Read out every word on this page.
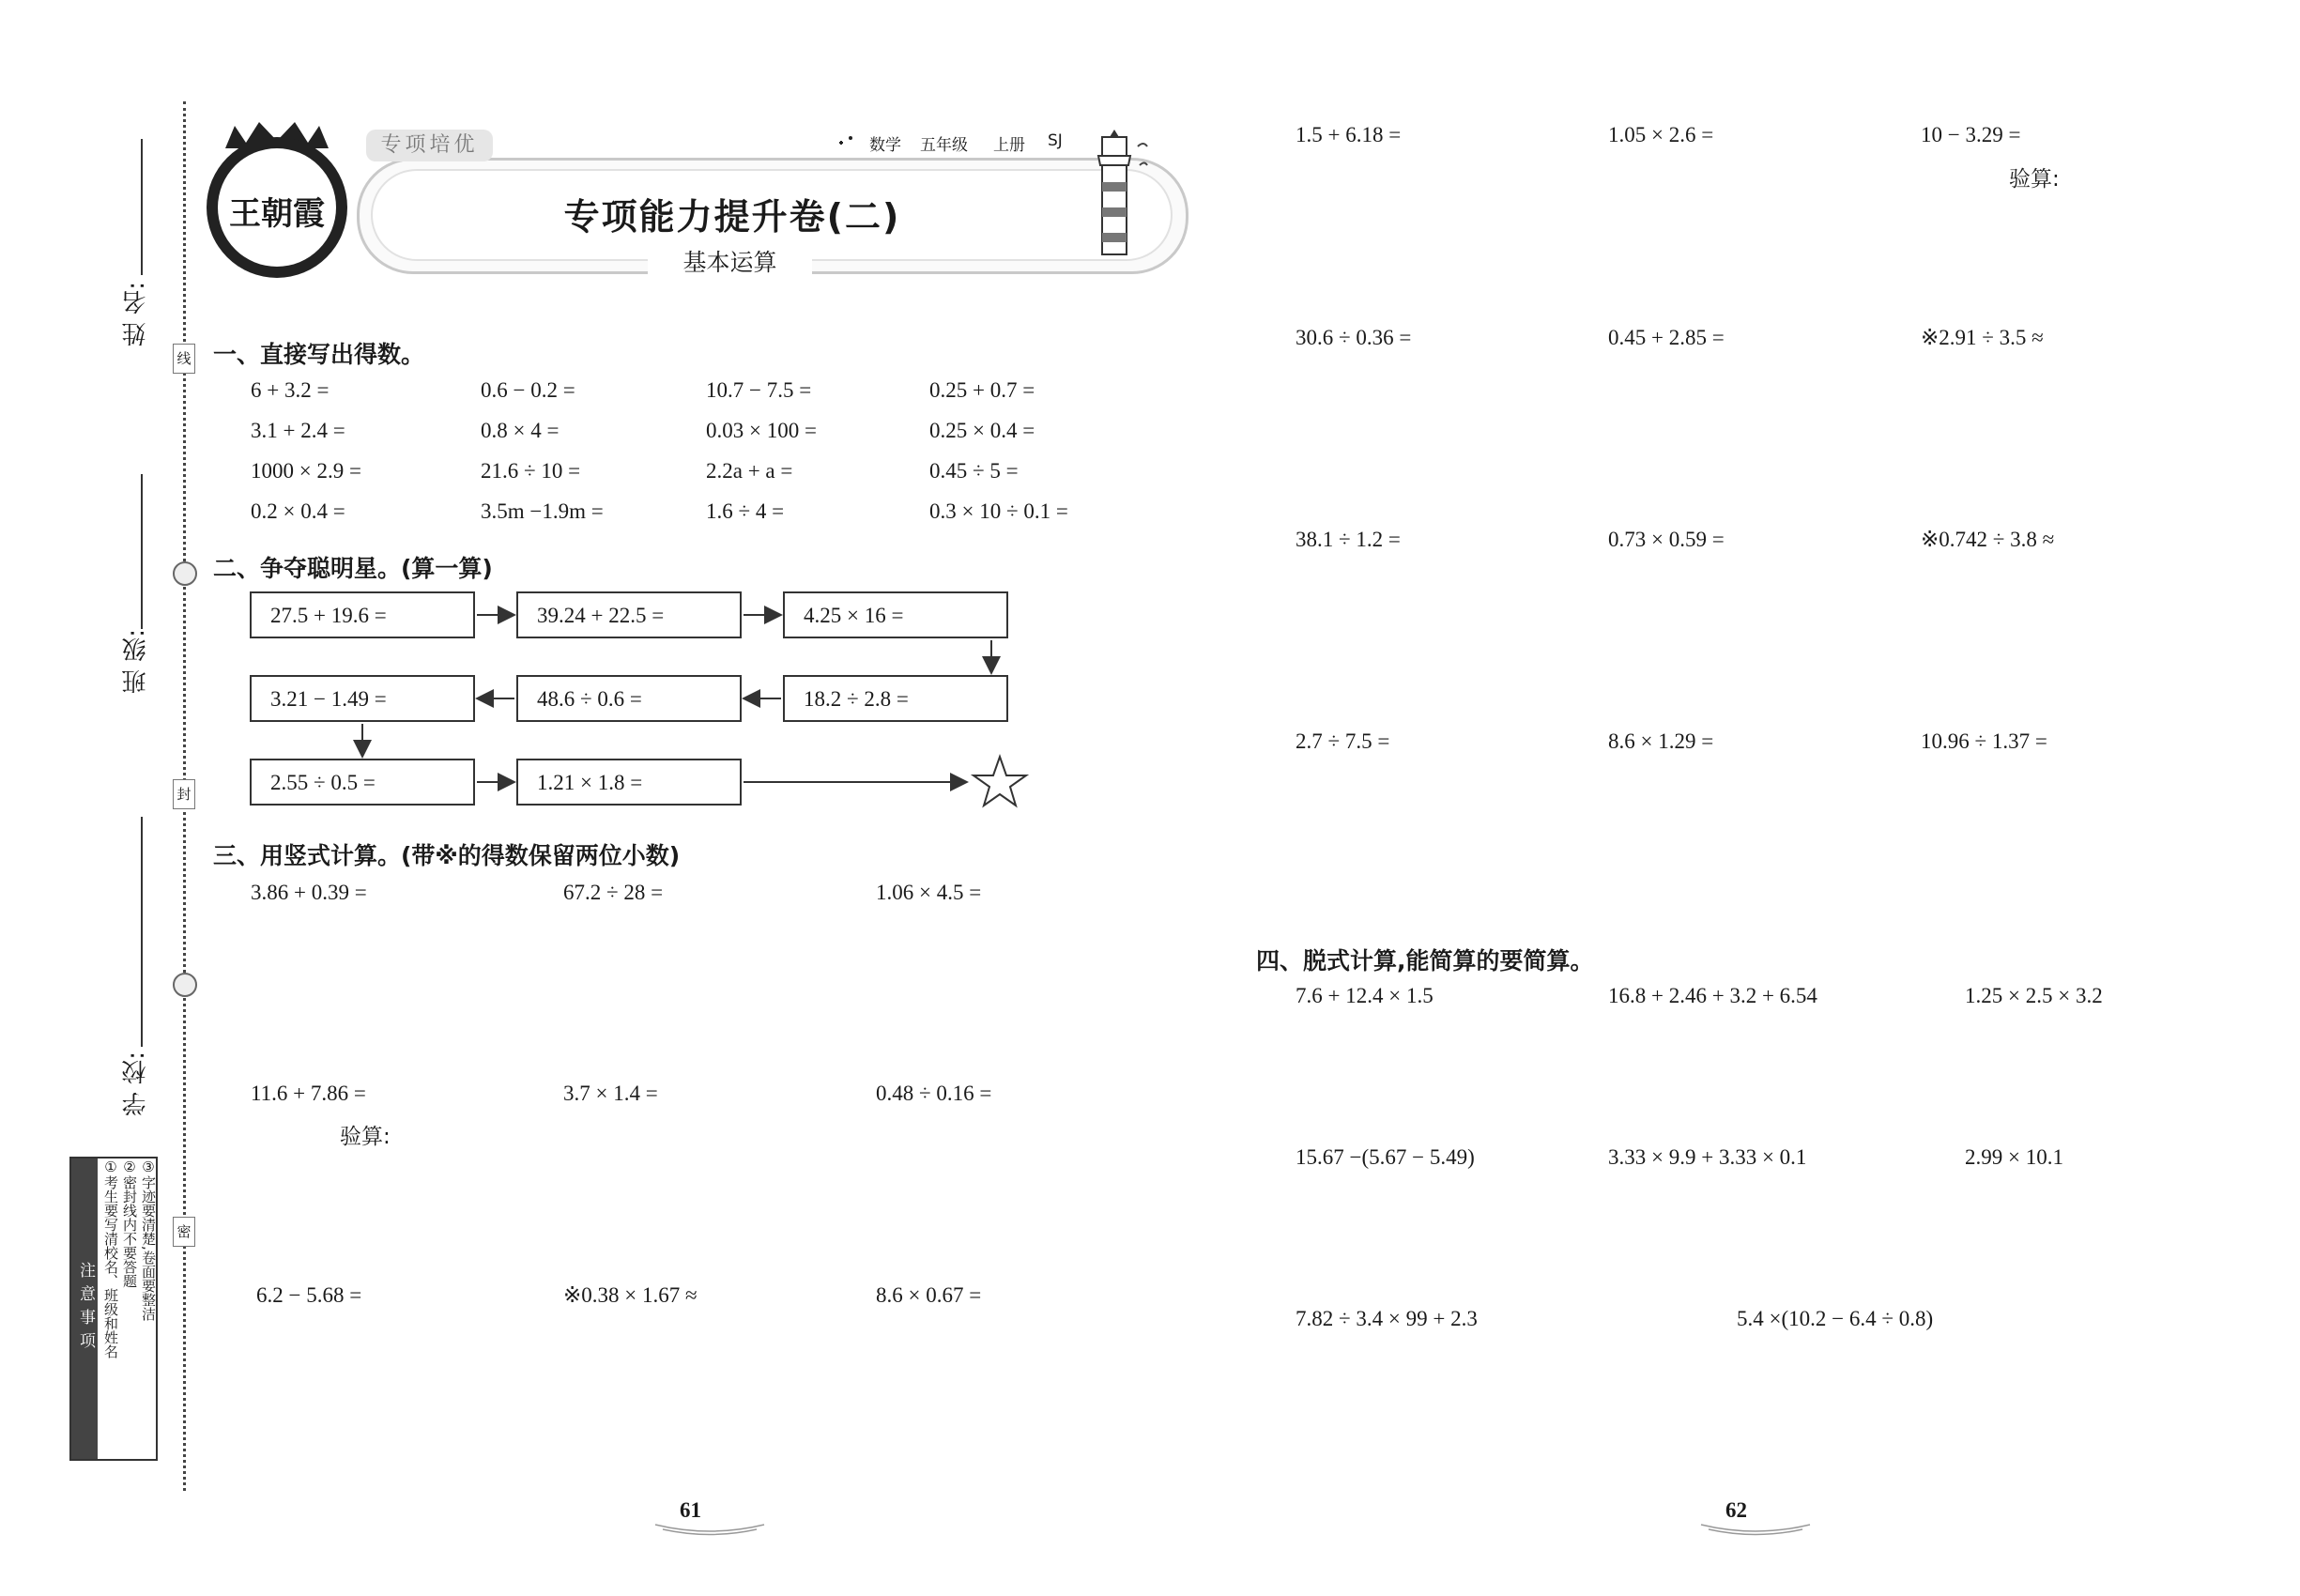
姓 名:
班 级:
学 校:
线
封
密
注意事项 ①考生要写清校名、班级和姓名 ②密封线内不要答题 ③字迹要清楚,卷面要整洁
王朝霞
专项培优	数学 五年级 上册 SJ
专项能力提升卷(二)
基本运算
一、直接写出得数。
6 + 3.2 =	0.6 − 0.2 =	10.7 − 7.5 =	0.25 + 0.7 =
3.1 + 2.4 =	0.8 × 4 =	0.03 × 100 =	0.25 × 0.4 =
1000 × 2.9 =	21.6 ÷ 10 =	2.2a + a =	0.45 ÷ 5 =
0.2 × 0.4 =	3.5m −1.9m =	1.6 ÷ 4 =	0.3 × 10 ÷ 0.1 =
二、争夺聪明星。(算一算)
27.5 + 19.6 =	39.24 + 22.5 =	4.25 × 16 =
18.2 ÷ 2.8 =
48.6 ÷ 0.6 =
3.21 − 1.49 =
2.55 ÷ 0.5 =	1.21 × 1.8 =
三、用竖式计算。(带※的得数保留两位小数)
3.86 + 0.39 =	67.2 ÷ 28 =	1.06 × 4.5 =
11.6 + 7.86 =	3.7 × 1.4 =	0.48 ÷ 0.16 =
验算:
6.2 − 5.68 =	※0.38 × 1.67 ≈	8.6 × 0.67 =
1.5 + 6.18 =	1.05 × 2.6 =	10 − 3.29 =
验算:
30.6 ÷ 0.36 =	0.45 + 2.85 =	※2.91 ÷ 3.5 ≈
38.1 ÷ 1.2 =	0.73 × 0.59 =	※0.742 ÷ 3.8 ≈
2.7 ÷ 7.5 =	8.6 × 1.29 =	10.96 ÷ 1.37 =
四、脱式计算,能简算的要简算。
7.6 + 12.4 × 1.5	16.8 + 2.46 + 3.2 + 6.54	1.25 × 2.5 × 3.2
15.67 −(5.67 − 5.49)	3.33 × 9.9 + 3.33 × 0.1	2.99 × 10.1
7.82 ÷ 3.4 × 99 + 2.3	5.4 ×(10.2 − 6.4 ÷ 0.8)
61	62
